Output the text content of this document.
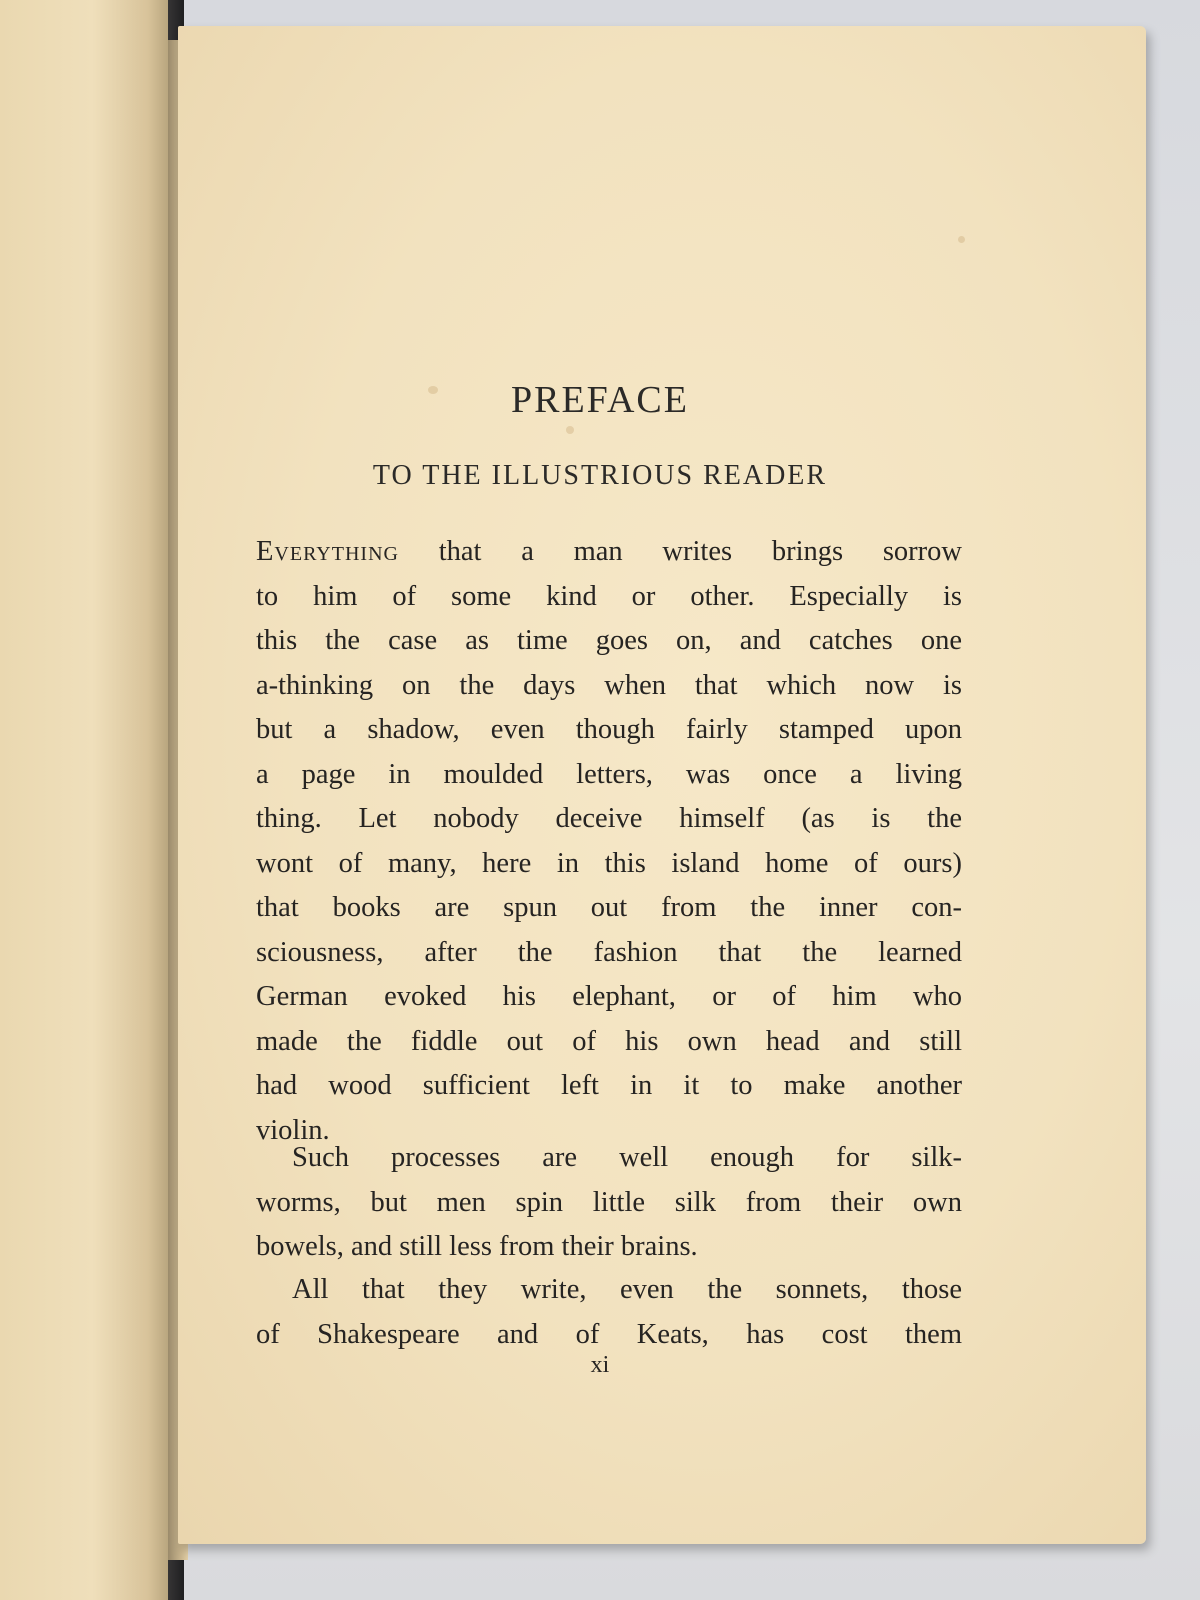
PREFACE
TO THE ILLUSTRIOUS READER
Everything that a man writes brings sorrow
to him of some kind or other. Especially is
this the case as time goes on, and catches one
a-thinking on the days when that which now is
but a shadow, even though fairly stamped upon
a page in moulded letters, was once a living
thing. Let nobody deceive himself (as is the
wont of many, here in this island home of ours)
that books are spun out from the inner con-
sciousness, after the fashion that the learned
German evoked his elephant, or of him who
made the fiddle out of his own head and still
had wood sufficient left in it to make another
violin.
Such processes are well enough for silk-
worms, but men spin little silk from their own
bowels, and still less from their brains.
All that they write, even the sonnets, those
of Shakespeare and of Keats, has cost them
xi
